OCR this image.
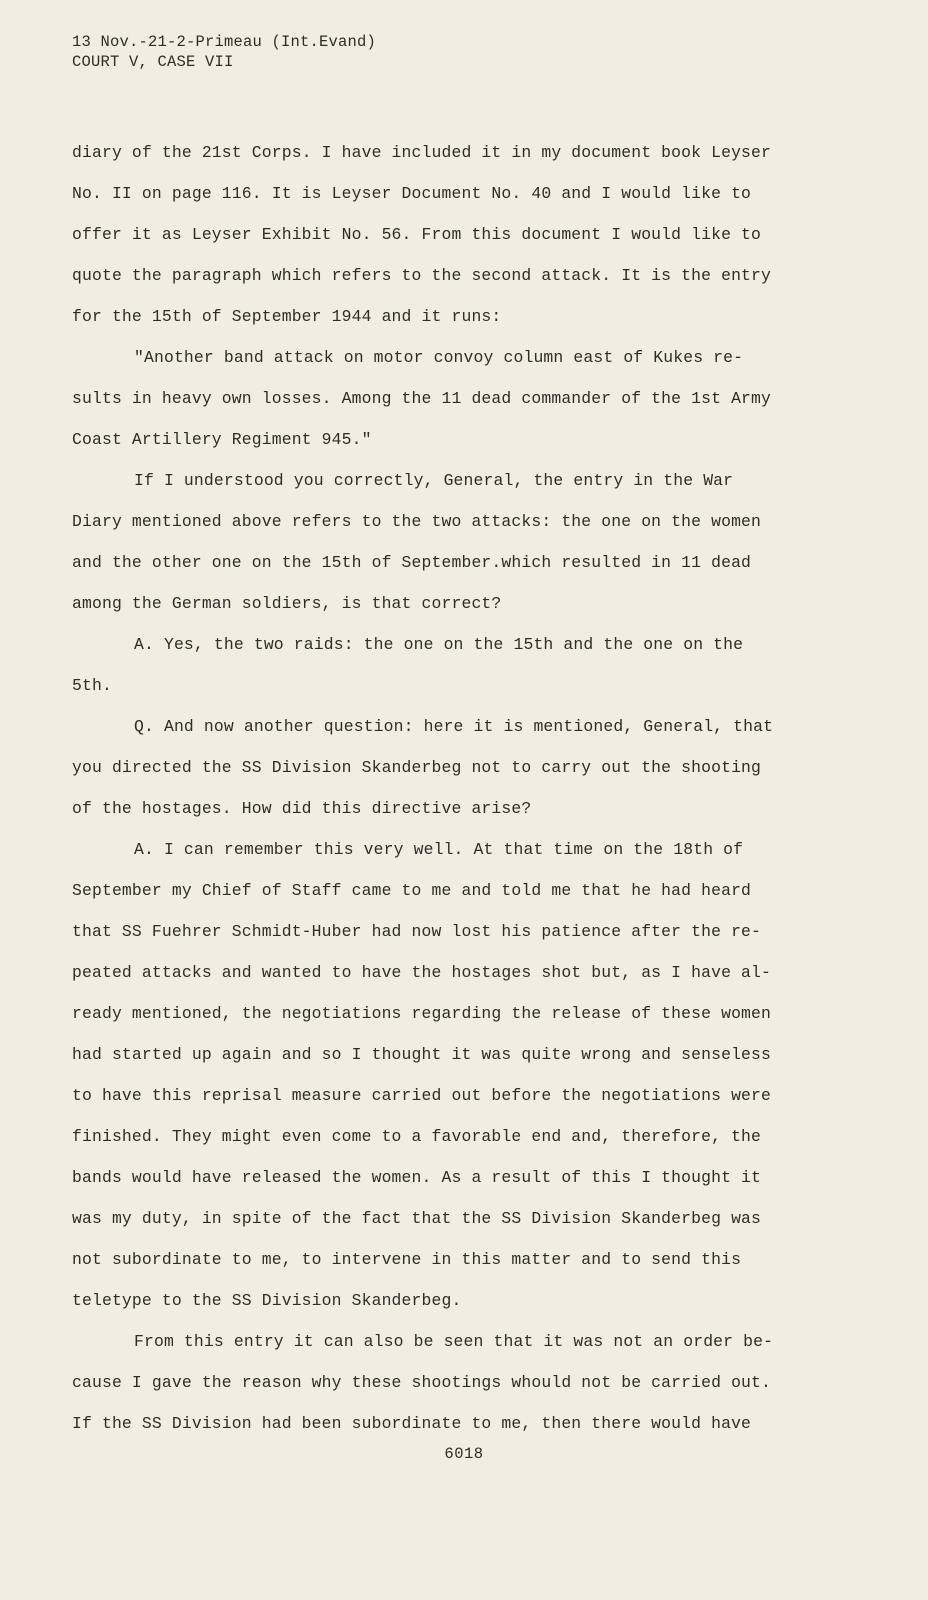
13 Nov.-21-2-Primeau (Int.Evand)
COURT V, CASE VII
diary of the 21st Corps. I have included it in my document book Leyser
No. II on page 116. It is Leyser Document No. 40 and I would like to
offer it as Leyser Exhibit No. 56. From this document I would like to
quote the paragraph which refers to the second attack. It is the entry
for the 15th of September 1944 and it runs:
"Another band attack on motor convoy column east of Kukes re-
sults in heavy own losses. Among the 11 dead commander of the 1st Army
Coast Artillery Regiment 945."
If I understood you correctly, General, the entry in the War
Diary mentioned above refers to the two attacks: the one on the women
and the other one on the 15th of September.which resulted in 11 dead
among the German soldiers, is that correct?
A. Yes, the two raids: the one on the 15th and the one on the
5th.
Q. And now another question: here it is mentioned, General, that
you directed the SS Division Skanderbeg not to carry out the shooting
of the hostages. How did this directive arise?
A. I can remember this very well. At that time on the 18th of
September my Chief of Staff came to me and told me that he had heard
that SS Fuehrer Schmidt-Huber had now lost his patience after the re-
peated attacks and wanted to have the hostages shot but, as I have al-
ready mentioned, the negotiations regarding the release of these women
had started up again and so I thought it was quite wrong and senseless
to have this reprisal measure carried out before the negotiations were
finished. They might even come to a favorable end and, therefore, the
bands would have released the women. As a result of this I thought it
was my duty, in spite of the fact that the SS Division Skanderbeg was
not subordinate to me, to intervene in this matter and to send this
teletype to the SS Division Skanderbeg.
From this entry it can also be seen that it was not an order be-
cause I gave the reason why these shootings whould not be carried out.
If the SS Division had been subordinate to me, then there would have
6018
